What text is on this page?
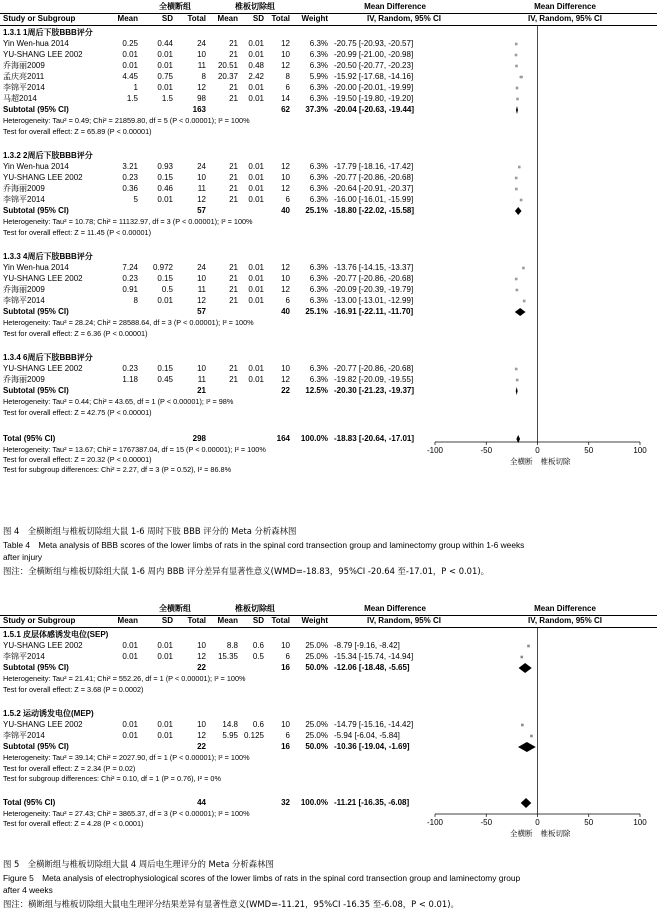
全横断组	椎板切除组	Mean Difference	Mean Difference
Study or Subgroup	Mean	SD	Total	Mean	SD Total	Weight	IV, Random, 95% CI	IV, Random, 95% CI
1.3.1 1周后下肢BBB评分
Yin Wen-hua 2014	0.25	0.44	24	21	0.01	12	6.3% -20.75 [-20.93, -20.57]
YU-SHANG LEE 2002	0.01	0.01	10	21	0.01	10	6.3% -20.99 [-21.00, -20.98]
乔海丽2009	0.01	0.01	11	20.51	0.48	12	6.3% -20.50 [-20.77, -20.23]
孟庆亮2011	4.45	0.75	8	20.37	2.42	8	5.9% -15.92 [-17.68, -14.16]
李锦平2014	1	0.01	12	21	0.01	6	6.3% -20.00 [-20.01, -19.99]
马超2014	1.5	1.5	98	21	0.01	14	6.3% -19.50 [-19.80, -19.20]
Subtotal (95% CI)	163	62	37.3% -20.04 [-20.63, -19.44]
Heterogeneity: Tau² = 0.49; Chi² = 21859.80, df = 5 (P < 0.00001); I² = 100%
Test for overall effect: Z = 65.89 (P < 0.00001)
1.3.2 2周后下肢BBB评分
Yin Wen-hua 2014	3.21	0.93	24	21	0.01	12	6.3% -17.79 [-18.16, -17.42]
YU-SHANG LEE 2002	0.23	0.15	10	21	0.01	10	6.3% -20.77 [-20.86, -20.68]
乔海丽2009	0.36	0.46	11	21	0.01	12	6.3% -20.64 [-20.91, -20.37]
李锦平2014	5	0.01	12	21	0.01	6	6.3% -16.00 [-16.01, -15.99]
Subtotal (95% CI)	57	40	25.1% -18.80 [-22.02, -15.58]
Heterogeneity: Tau² = 10.78; Chi² = 11132.97, df = 3 (P < 0.00001); I² = 100%
Test for overall effect: Z = 11.45 (P < 0.00001)
1.3.3 4周后下肢BBB评分
Yin Wen-hua 2014	7.24	0.972	24	21	0.01	12	6.3% -13.76 [-14.15, -13.37]
YU-SHANG LEE 2002	0.23	0.15	10	21	0.01	10	6.3% -20.77 [-20.86, -20.68]
乔海丽2009	0.91	0.5	11	21	0.01	12	6.3% -20.09 [-20.39, -19.79]
李锦平2014	8	0.01	12	21	0.01	6	6.3% -13.00 [-13.01, -12.99]
Subtotal (95% CI)	57	40	25.1% -16.91 [-22.11, -11.70]
Heterogeneity: Tau² = 28.24; Chi² = 28588.64, df = 3 (P < 0.00001); I² = 100%
Test for overall effect: Z = 6.36 (P < 0.00001)
1.3.4 6周后下肢BBB评分
YU-SHANG LEE 2002	0.23	0.15	10	21	0.01	10	6.3% -20.77 [-20.86, -20.68]
乔海丽2009	1.18	0.45	11	21	0.01	12	6.3% -19.82 [-20.09, -19.55]
Subtotal (95% CI)	21	22	12.5% -20.30 [-21.23, -19.37]
Heterogeneity: Tau² = 0.44; Chi² = 43.65, df = 1 (P < 0.00001); I² = 98%
Test for overall effect: Z = 42.75 (P < 0.00001)
Total (95% CI)	298	164	100.0% -18.83 [-20.64, -17.01]
Heterogeneity: Tau² = 13.67; Chi² = 1767387.04, df = 15 (P < 0.00001); I² = 100%
Test for overall effect: Z = 20.32 (P < 0.00001)
Test for subgroup differences: Chi² = 2.27, df = 3 (P = 0.52), I² = 86.8%
-100	-50	0	50	100
全横断 椎板切除
图 4　全横断组与椎板切除组大鼠 1-6 周时下肢 BBB 评分的 Meta 分析森林图
Table 4　Meta analysis of BBB scores of the lower limbs of rats in the spinal cord transection group and laminectomy group within 1-6 weeks
after injury
图注：全横断组与椎板切除组大鼠 1-6 周内 BBB 评分差异有显著性意义(WMD=-18.83，95%CI -20.64 至-17.01，P < 0.01)。
全横断组	椎板切除组	Mean Difference	Mean Difference
Study or Subgroup	Mean	SD	Total	Mean	SD Total	Weight	IV, Random, 95% CI	IV, Random, 95% CI
1.5.1 皮层体感诱发电位(SEP)
YU-SHANG LEE 2002	0.01	0.01	10	8.8	0.6	10	25.0% -8.79 [-9.16, -8.42]
李锦平2014	0.01	0.01	12	15.35	0.5	6	25.0% -15.34 [-15.74, -14.94]
Subtotal (95% CI)	22	16	50.0% -12.06 [-18.48, -5.65]
Heterogeneity: Tau² = 21.41; Chi² = 552.26, df = 1 (P < 0.00001); I² = 100%
Test for overall effect: Z = 3.68 (P = 0.0002)
1.5.2 运动诱发电位(MEP)
YU-SHANG LEE 2002	0.01	0.01	10	14.8	0.6	10	25.0% -14.79 [-15.16, -14.42]
李锦平2014	0.01	0.01	12	5.95 0.125	6	25.0% -5.94 [-6.04, -5.84]
Subtotal (95% CI)	22	16	50.0% -10.36 [-19.04, -1.69]
Heterogeneity: Tau² = 39.14; Chi² = 2027.90, df = 1 (P < 0.00001); I² = 100%
Test for overall effect: Z = 2.34 (P = 0.02)
Test for subgroup differences: Chi² = 0.10, df = 1 (P = 0.76), I² = 0%
Total (95% CI)	44	32	100.0% -11.21 [-16.35, -6.08]
Heterogeneity: Tau² = 27.43; Chi² = 3865.37, df = 3 (P < 0.00001); I² = 100%
Test for overall effect: Z = 4.28 (P < 0.0001)	-100	-50	0	50	100
全横断 椎板切除
图 5　全横断组与椎板切除组大鼠 4 周后电生理评分的 Meta 分析森林图
Figure 5　Meta analysis of electrophysiological scores of the lower limbs of rats in the spinal cord transection group and laminectomy group
after 4 weeks
图注：横断组与椎板切除组大鼠电生理评分结果差异有显著性意义(WMD=-11.21，95%CI -16.35 至-6.08，P < 0.01)。
